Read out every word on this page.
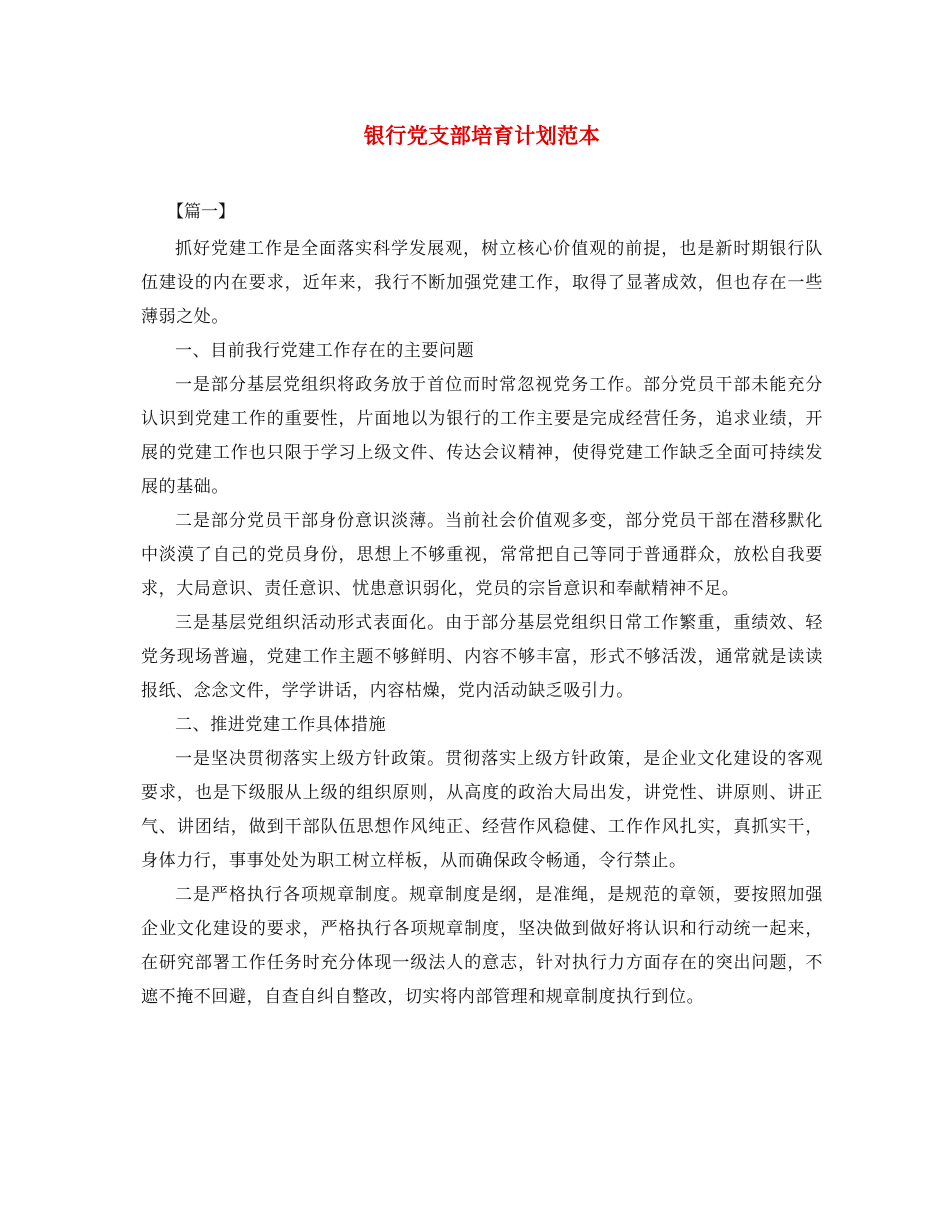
银行党支部培育计划范本
【篇一】

抓好党建工作是全面落实科学发展观，树立核心价值观的前提，也是新时期银行队伍建设的内在要求，近年来，我行不断加强党建工作，取得了显著成效，但也存在一些薄弱之处。

一、目前我行党建工作存在的主要问题

一是部分基层党组织将政务放于首位而时常忽视党务工作。部分党员干部未能充分认识到党建工作的重要性，片面地以为银行的工作主要是完成经营任务，追求业绩，开展的党建工作也只限于学习上级文件、传达会议精神，使得党建工作缺乏全面可持续发展的基础。

二是部分党员干部身份意识淡薄。当前社会价值观多变，部分党员干部在潜移默化中淡漠了自己的党员身份，思想上不够重视，常常把自己等同于普通群众，放松自我要求，大局意识、责任意识、忧患意识弱化，党员的宗旨意识和奉献精神不足。

三是基层党组织活动形式表面化。由于部分基层党组织日常工作繁重，重绩效、轻党务现场普遍，党建工作主题不够鲜明、内容不够丰富，形式不够活泼，通常就是读读报纸、念念文件，学学讲话，内容枯燥，党内活动缺乏吸引力。

二、推进党建工作具体措施

一是坚决贯彻落实上级方针政策。贯彻落实上级方针政策，是企业文化建设的客观要求，也是下级服从上级的组织原则，从高度的政治大局出发，讲党性、讲原则、讲正气、讲团结，做到干部队伍思想作风纯正、经营作风稳健、工作作风扎实，真抓实干，身体力行，事事处处为职工树立样板，从而确保政令畅通，令行禁止。

二是严格执行各项规章制度。规章制度是纲，是准绳，是规范的章领，要按照加强企业文化建设的要求，严格执行各项规章制度，坚决做到做好将认识和行动统一起来，在研究部署工作任务时充分体现一级法人的意志，针对执行力方面存在的突出问题，不遮不掩不回避，自查自纠自整改，切实将内部管理和规章制度执行到位。
